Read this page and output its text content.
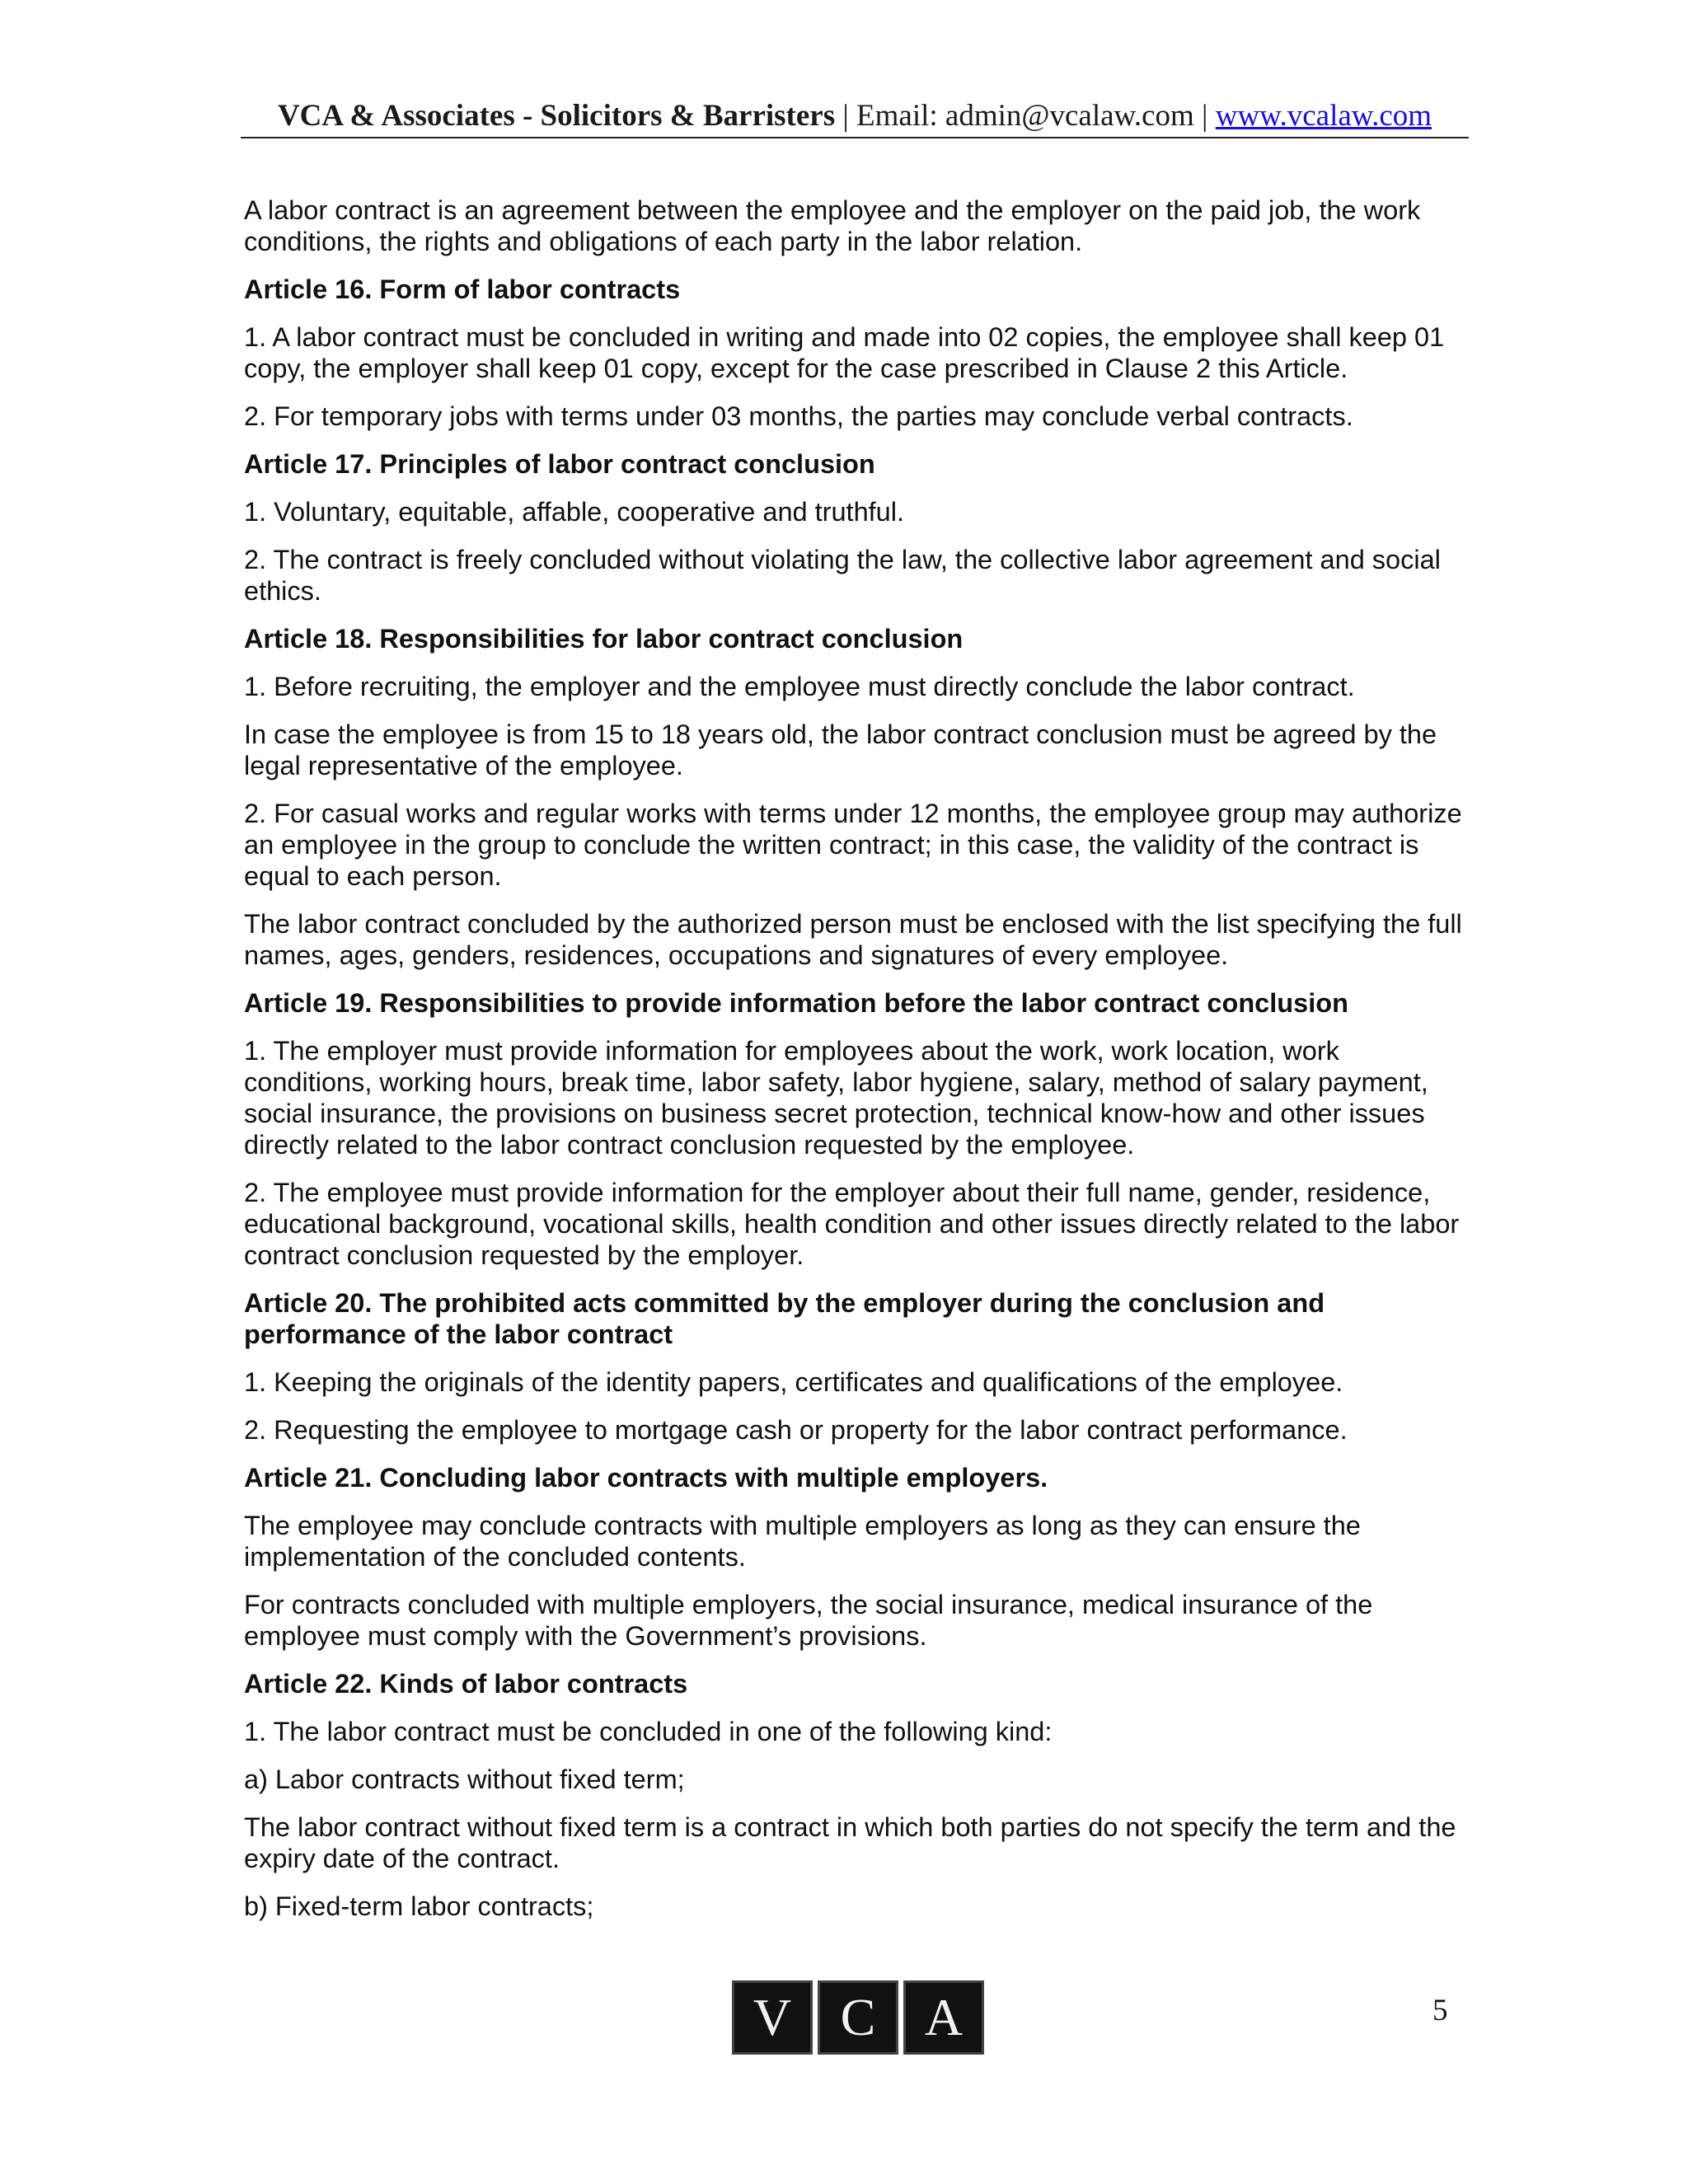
VCA & Associates - Solicitors & Barristers | Email: admin@vcalaw.com | www.vcalaw.com

A labor contract is an agreement between the employee and the employer on the paid job, the work conditions, the rights and obligations of each party in the labor relation.

Article 16. Form of labor contracts

1. A labor contract must be concluded in writing and made into 02 copies, the employee shall keep 01 copy, the employer shall keep 01 copy, except for the case prescribed in Clause 2 this Article.

2. For temporary jobs with terms under 03 months, the parties may conclude verbal contracts.

Article 17. Principles of labor contract conclusion

1. Voluntary, equitable, affable, cooperative and truthful.

2. The contract is freely concluded without violating the law, the collective labor agreement and social ethics.

Article 18. Responsibilities for labor contract conclusion

1. Before recruiting, the employer and the employee must directly conclude the labor contract.

In case the employee is from 15 to 18 years old, the labor contract conclusion must be agreed by the legal representative of the employee.

2. For casual works and regular works with terms under 12 months, the employee group may authorize an employee in the group to conclude the written contract; in this case, the validity of the contract is equal to each person.

The labor contract concluded by the authorized person must be enclosed with the list specifying the full names, ages, genders, residences, occupations and signatures of every employee.

Article 19. Responsibilities to provide information before the labor contract conclusion

1. The employer must provide information for employees about the work, work location, work conditions, working hours, break time, labor safety, labor hygiene, salary, method of salary payment, social insurance, the provisions on business secret protection, technical know-how and other issues directly related to the labor contract conclusion requested by the employee.

2. The employee must provide information for the employer about their full name, gender, residence, educational background, vocational skills, health condition and other issues directly related to the labor contract conclusion requested by the employer.

Article 20. The prohibited acts committed by the employer during the conclusion and performance of the labor contract

1. Keeping the originals of the identity papers, certificates and qualifications of the employee.

2. Requesting the employee to mortgage cash or property for the labor contract performance.

Article 21. Concluding labor contracts with multiple employers.

The employee may conclude contracts with multiple employers as long as they can ensure the implementation of the concluded contents.

For contracts concluded with multiple employers, the social insurance, medical insurance of the employee must comply with the Government’s provisions.

Article 22. Kinds of labor contracts

1. The labor contract must be concluded in one of the following kind:

a) Labor contracts without fixed term;

The labor contract without fixed term is a contract in which both parties do not specify the term and the expiry date of the contract.

b) Fixed-term labor contracts;

V C A	5
